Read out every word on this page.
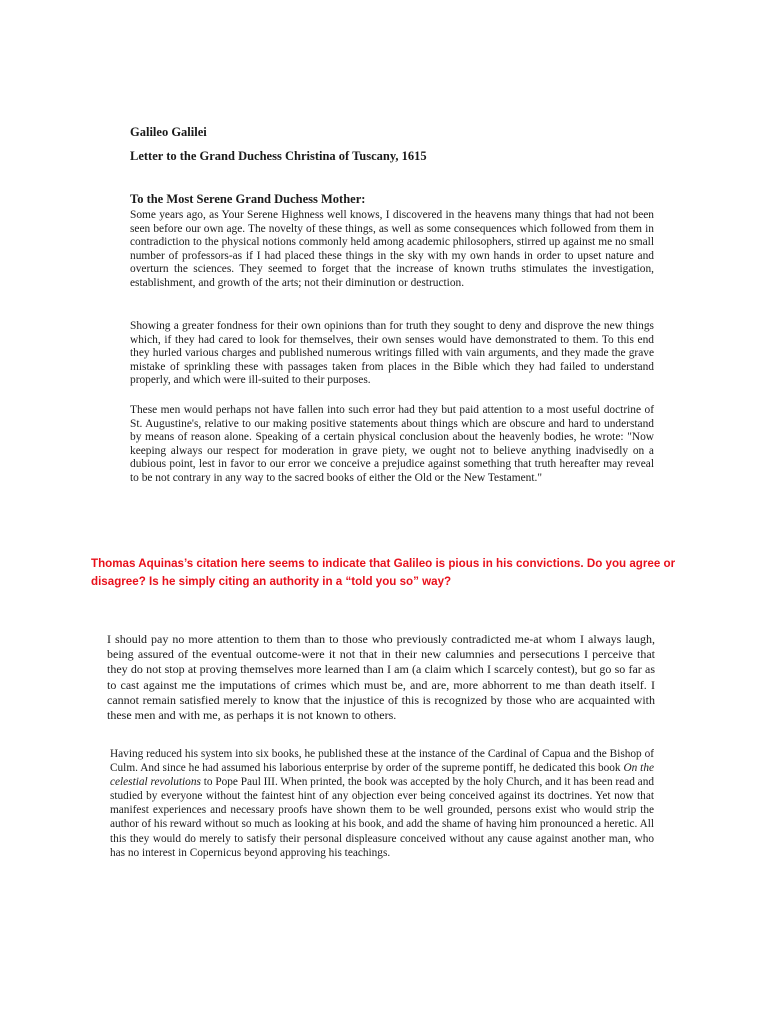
Galileo Galilei

Letter to the Grand Duchess Christina of Tuscany, 1615

To the Most Serene Grand Duchess Mother:

Some years ago, as Your Serene Highness well knows, I discovered in the heavens many things that had not been seen before our own age. The novelty of these things, as well as some consequences which followed from them in contradiction to the physical notions commonly held among academic philosophers, stirred up against me no small number of professors-as if I had placed these things in the sky with my own hands in order to upset nature and overturn the sciences. They seemed to forget that the increase of known truths stimulates the investigation, establishment, and growth of the arts; not their diminution or destruction.

Showing a greater fondness for their own opinions than for truth they sought to deny and disprove the new things which, if they had cared to look for themselves, their own senses would have demonstrated to them. To this end they hurled various charges and published numerous writings filled with vain arguments, and they made the grave mistake of sprinkling these with passages taken from places in the Bible which they had failed to understand properly, and which were ill-suited to their purposes.

These men would perhaps not have fallen into such error had they but paid attention to a most useful doctrine of St. Augustine's, relative to our making positive statements about things which are obscure and hard to understand by means of reason alone. Speaking of a certain physical conclusion about the heavenly bodies, he wrote: "Now keeping always our respect for moderation in grave piety, we ought not to believe anything inadvisedly on a dubious point, lest in favor to our error we conceive a prejudice against something that truth hereafter may reveal to be not contrary in any way to the sacred books of either the Old or the New Testament."

Thomas Aquinas’s citation here seems to indicate that Galileo is pious in his convictions. Do you agree or disagree? Is he simply citing an authority in a “told you so” way?

I should pay no more attention to them than to those who previously contradicted me-at whom I always laugh, being assured of the eventual outcome-were it not that in their new calumnies and persecutions I perceive that they do not stop at proving themselves more learned than I am (a claim which I scarcely contest), but go so far as to cast against me the imputations of crimes which must be, and are, more abhorrent to me than death itself. I cannot remain satisfied merely to know that the injustice of this is recognized by those who are acquainted with these men and with me, as perhaps it is not known to others.

Having reduced his system into six books, he published these at the instance of the Cardinal of Capua and the Bishop of Culm. And since he had assumed his laborious enterprise by order of the supreme pontiff, he dedicated this book On the celestial revolutions to Pope Paul III. When printed, the book was accepted by the holy Church, and it has been read and studied by everyone without the faintest hint of any objection ever being conceived against its doctrines. Yet now that manifest experiences and necessary proofs have shown them to be well grounded, persons exist who would strip the author of his reward without so much as looking at his book, and add the shame of having him pronounced a heretic. All this they would do merely to satisfy their personal displeasure conceived without any cause against another man, who has no interest in Copernicus beyond approving his teachings.
